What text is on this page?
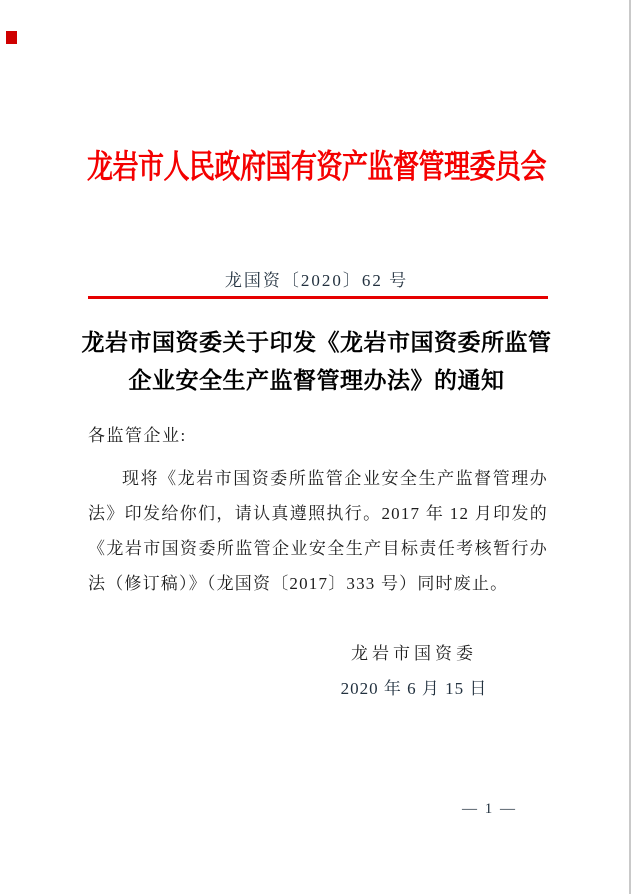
龙岩市人民政府国有资产监督管理委员会
龙国资〔2020〕62 号
龙岩市国资委关于印发《龙岩市国资委所监管
企业安全生产监督管理办法》的通知
各监管企业:
现将《龙岩市国资委所监管企业安全生产监督管理办法》印发给你们，请认真遵照执行。2017 年 12 月印发的《龙岩市国资委所监管企业安全生产目标责任考核暂行办法（修订稿）》（龙国资〔2017〕333 号）同时废止。
龙岩市国资委
2020 年 6 月 15 日
— 1 —
